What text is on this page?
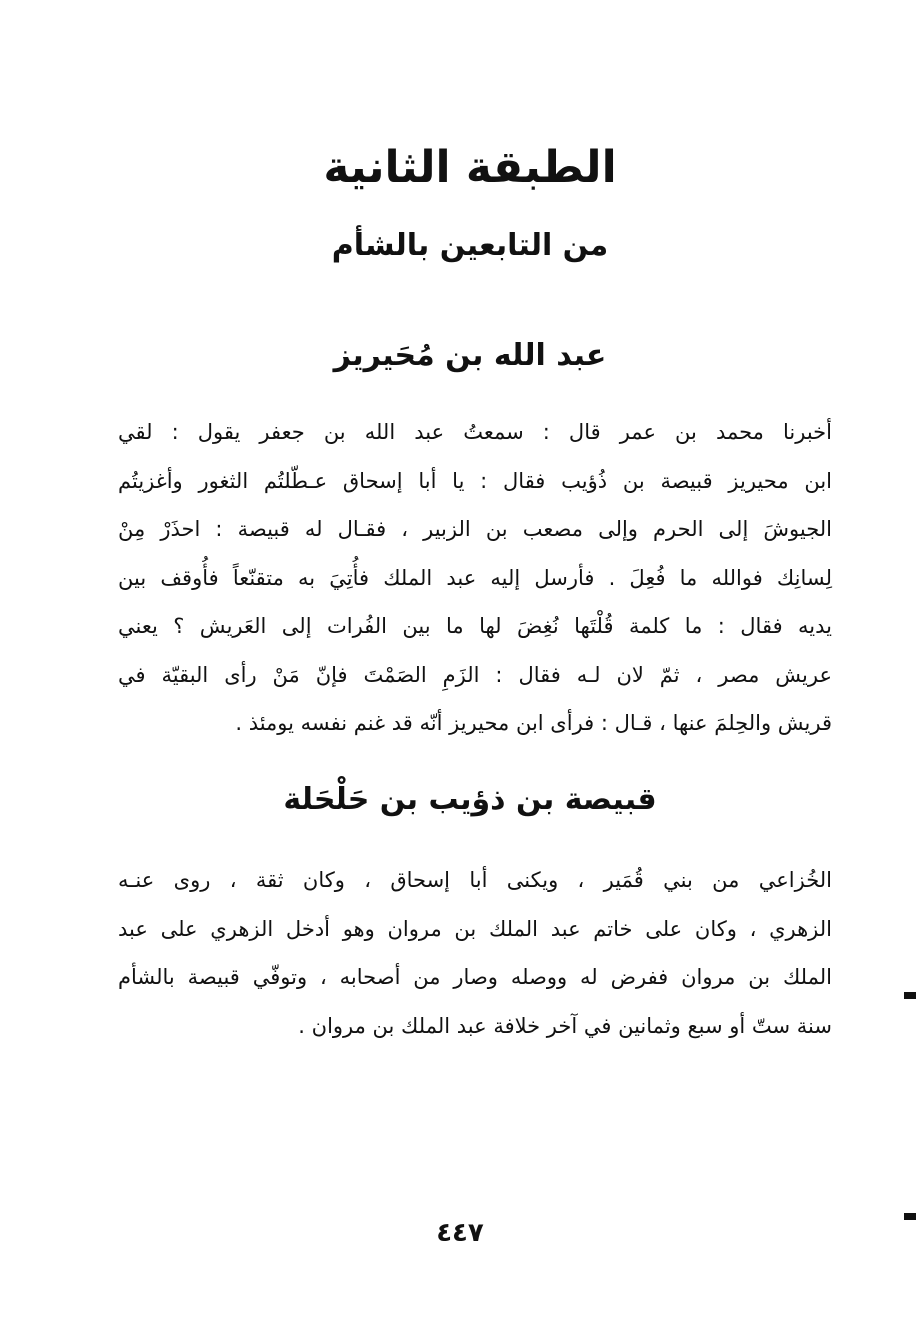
الطبقة الثانية
من التابعين بالشأم
عبد الله بن مُحَيريز
أخبرنا محمد بن عمر قال : سمعتُ عبد الله بن جعفر يقول : لقي
ابن محيريز قبيصة بن ذُؤيب فقال : يا أبا إسحاق عـطّلتُم الثغور وأغزيتُم
الجيوشَ إلى الحرم وإلى مصعب بن الزبير ، فقـال له قبيصة : احذَرْ مِنْ
لِسانِك فوالله ما فُعِلَ . فأرسل إليه عبد الملك فأُتِيَ به متقنّعاً فأُوقف بين
يديه فقال : ما كلمة قُلْتَها نُغِضَ لها ما بين الفُرات إلى العَريش ؟ يعني
عريش مصر ، ثمّ لان لـه فقال : الزَمِ الصَمْتَ فإنّ مَنْ رأى البقيّة في
قريش والحِلمَ عنها ، قـال : فرأى ابن محيريز أنّه قد غنم نفسه يومئذ .
قبيصة بن ذؤيب بن حَلْحَلة
الخُزاعي من بني قُمَير ، ويكنى أبا إسحاق ، وكان ثقة ، روى عنـه
الزهري ، وكان على خاتم عبد الملك بن مروان وهو أدخل الزهري على عبد
الملك بن مروان ففرض له ووصله وصار من أصحابه ، وتوفّي قبيصة بالشأم
سنة ستّ أو سبع وثمانين في آخر خلافة عبد الملك بن مروان .
٤٤٧
